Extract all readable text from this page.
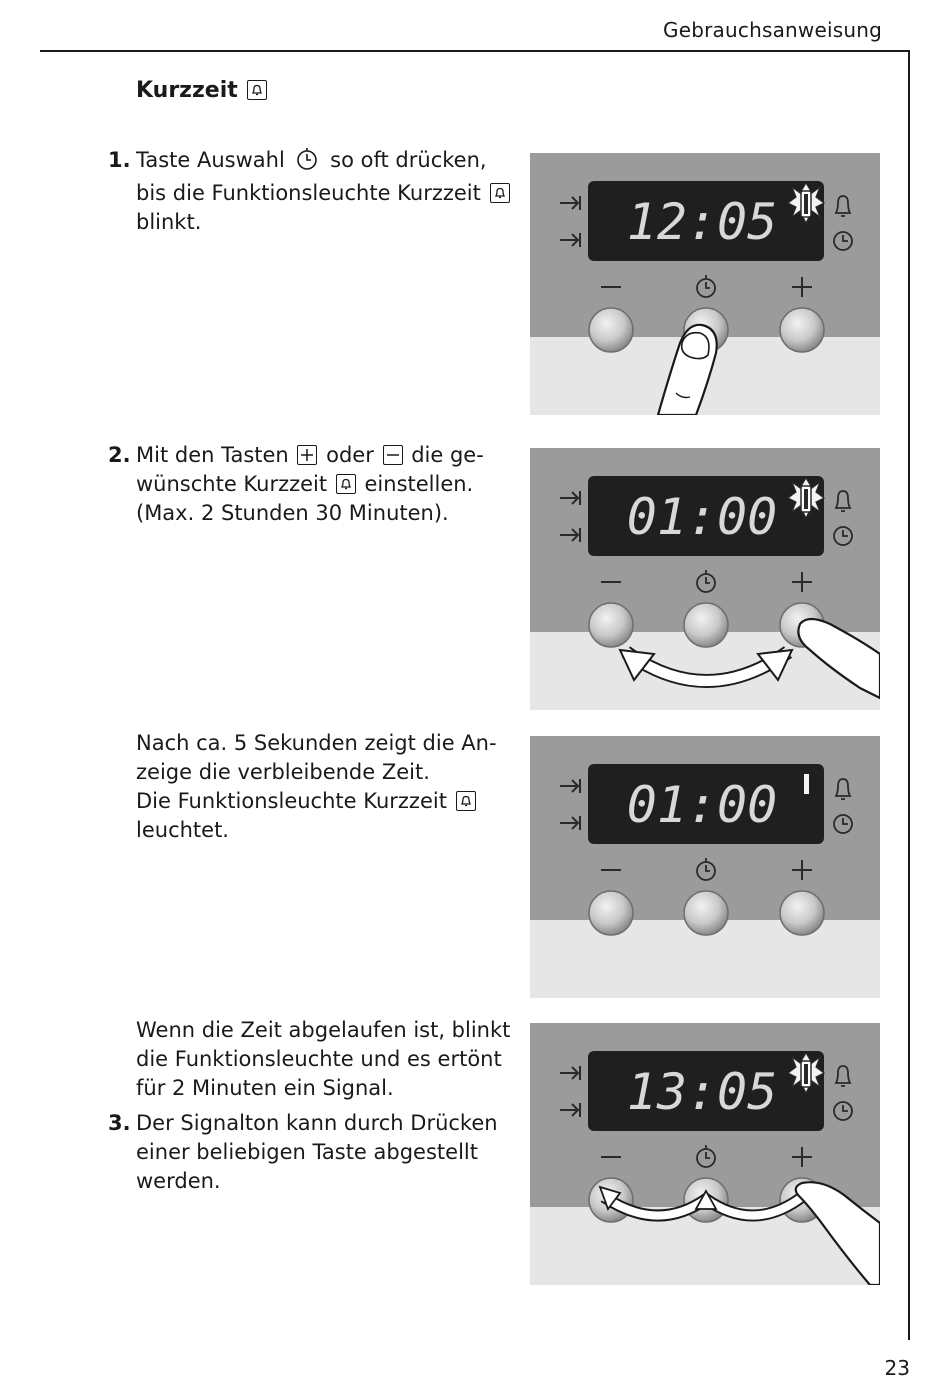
Gebrauchsanweisung
Kurzzeit
1. Taste Auswahl so oft drücken,
bis die Funktionsleuchte Kurzzeit
blinkt.
2. Mit den Tasten oder die ge-
wünschte Kurzzeit einstellen.
(Max. 2 Stunden 30 Minuten).
Nach ca. 5 Sekunden zeigt die An-
zeige die verbleibende Zeit.
Die Funktionsleuchte Kurzzeit
leuchtet.
Wenn die Zeit abgelaufen ist, blinkt
die Funktionsleuchte und es ertönt
für 2 Minuten ein Signal.
3. Der Signalton kann durch Drücken
einer beliebigen Taste abgestellt
werden.
12:05
01:00
01:00
13:05
23
